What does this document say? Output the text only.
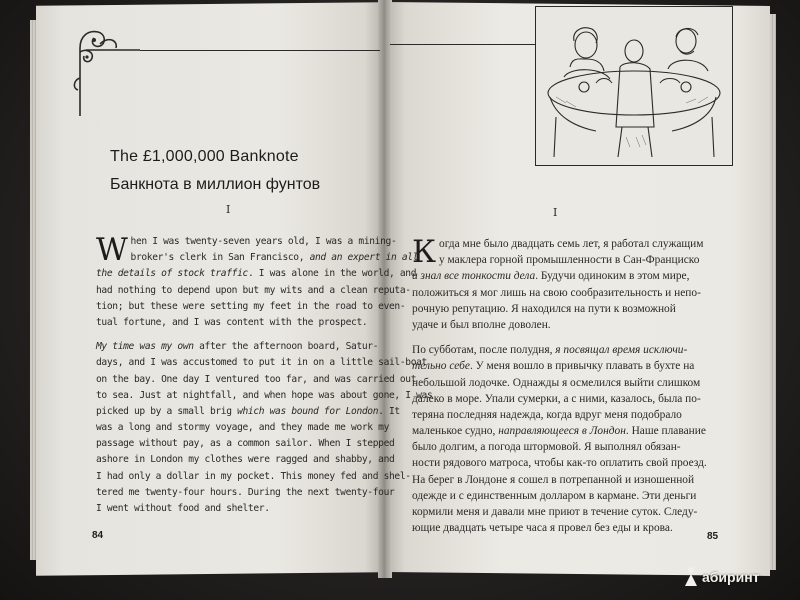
The £1,000,000 Banknote
Банкнота в миллион фунтов
I	I
When I was twenty-seven years old, I was a mining-
broker's clerk in San Francisco, and an expert in all
the details of stock traffic. I was alone in the world, and
had nothing to depend upon but my wits and a clean reputa-
tion; but these were setting my feet in the road to even-
tual fortune, and I was content with the prospect.
My time was my own after the afternoon board, Satur-
days, and I was accustomed to put it in on a little sail-boat
on the bay. One day I ventured too far, and was carried out
to sea. Just at nightfall, and when hope was about gone, I was
picked up by a small brig which was bound for London. It
was a long and stormy voyage, and they made me work my
passage without pay, as a common sailor. When I stepped
ashore in London my clothes were ragged and shabby, and
I had only a dollar in my pocket. This money fed and shel-
tered me twenty-four hours. During the next twenty-four
I went without food and shelter.
Когда мне было двадцать семь лет, я работал служащим
у маклера горной промышленности в Сан-Франциско
и знал все тонкости дела. Будучи одиноким в этом мире,
положиться я мог лишь на свою сообразительность и непо-
рочную репутацию. Я находился на пути к возможной
удаче и был вполне доволен.
По субботам, после полудня, я посвящал время исключи-
тельно себе. У меня вошло в привычку плавать в бухте на
небольшой лодочке. Однажды я осмелился выйти слишком
далеко в море. Упали сумерки, а с ними, казалось, была по-
теряна последняя надежда, когда вдруг меня подобрало
маленькое судно, направляющееся в Лондон. Наше плавание
было долгим, а погода штормовой. Я выполнял обязан-
ности рядового матроса, чтобы как-то оплатить свой проезд.
На берег в Лондоне я сошел в потрепанной и изношенной
одежде и с единственным долларом в кармане. Эти деньги
кормили меня и давали мне приют в течение суток. Следу-
ющие двадцать четыре часа я провел без еды и крова.
84	85
абиринт
